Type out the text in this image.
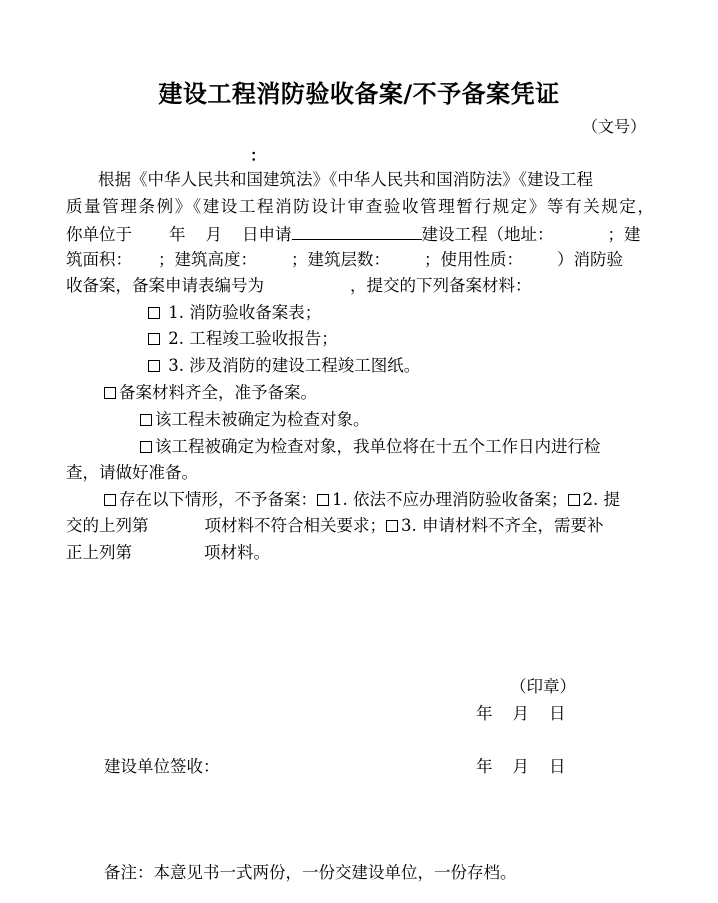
建设工程消防验收备案/不予备案凭证
（文号）
：
根据《中华人民共和国建筑法》《中华人民共和国消防法》《建设工程
质量管理条例》《建设工程消防设计审查验收管理暂行规定》等有关规定，
你单位于 年 月 日申请	建设工程（地址：	；建
筑面积： ；建筑高度： ；建筑层数： ；使用性质： ）消防验
收备案，备案申请表编号为	，提交的下列备案材料：
1. 消防验收备案表；
2. 工程竣工验收报告；
3. 涉及消防的建设工程竣工图纸。
备案材料齐全，准予备案。
该工程未被确定为检查对象。
该工程被确定为检查对象，我单位将在十五个工作日内进行检
查，请做好准备。
存在以下情形，不予备案： 1. 依法不应办理消防验收备案； 2. 提
交的上列第	项材料不符合相关要求； 3. 申请材料不齐全，需要补
正上列第	项材料。
（印章）
年 月 日
建设单位签收：	年 月 日
备注：本意见书一式两份，一份交建设单位，一份存档。
